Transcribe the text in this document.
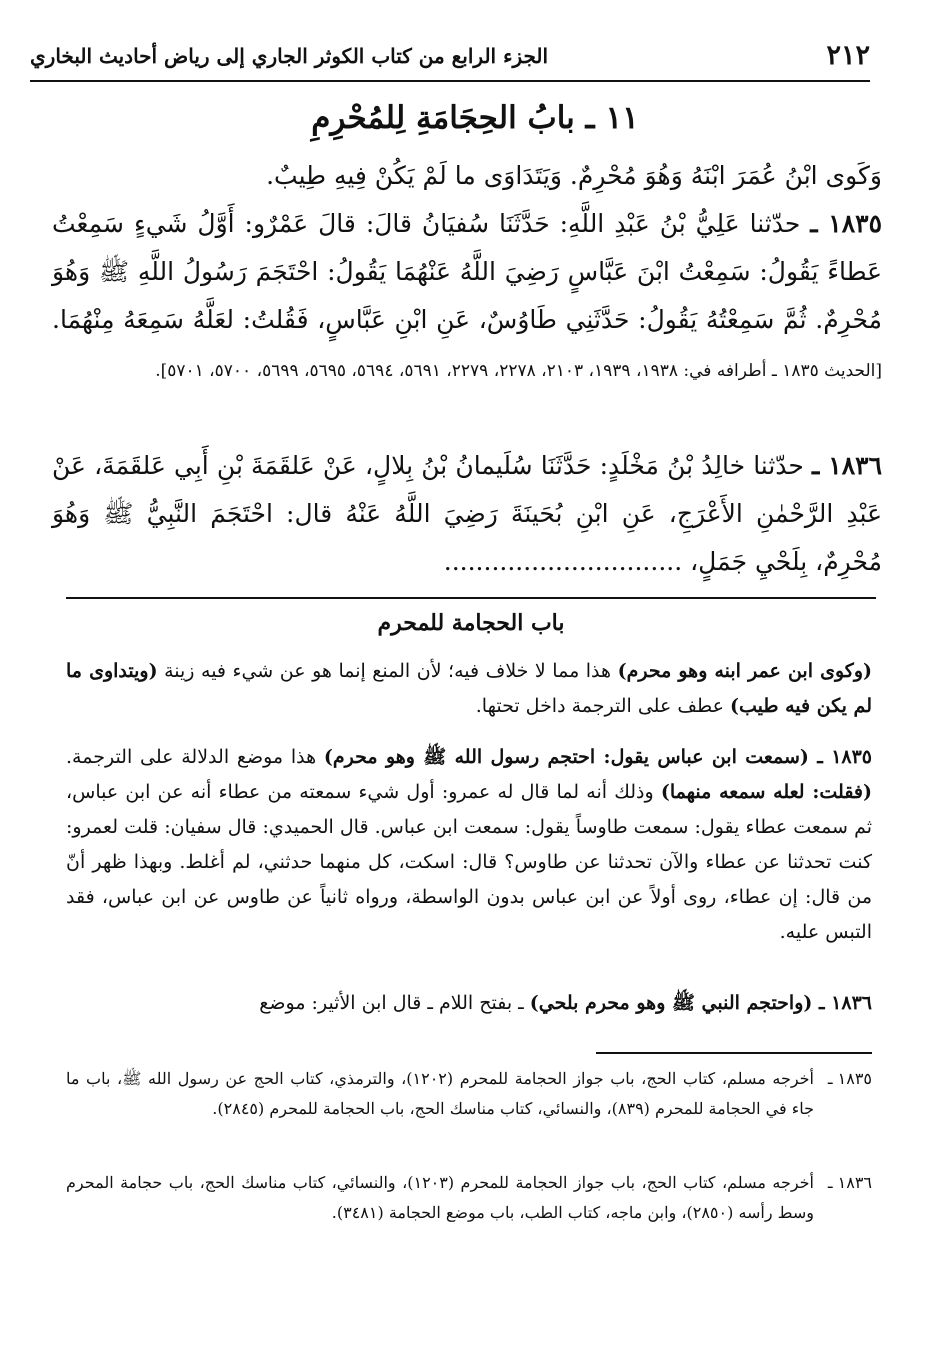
٢١٢
الجزء الرابع من كتاب الكوثر الجاري إلى رياض أحاديث البخاري
١١ ـ بابُ الحِجَامَةِ لِلمُحْرِمِ
وَكَوى ابْنُ عُمَرَ ابْنَهُ وَهُوَ مُحْرِمٌ. وَيَتَدَاوَى ما لَمْ يَكُنْ فِيهِ طِيبٌ.
١٨٣٥ ـ حدّثنا عَلِيُّ بْنُ عَبْدِ اللَّهِ: حَدَّثَنَا سُفيَانُ قالَ: قالَ عَمْرٌو: أَوَّلُ شَيءٍ سَمِعْتُ عَطاءً يَقُولُ: سَمِعْتُ ابْنَ عَبَّاسٍ رَضِيَ اللَّهُ عَنْهُمَا يَقُولُ: احْتَجَمَ رَسُولُ اللَّهِ ﷺ وَهُوَ مُحْرِمٌ. ثُمَّ سَمِعْتُهُ يَقُولُ: حَدَّثَنِي طَاوُسٌ، عَنِ ابْنِ عَبَّاسٍ، فَقُلتُ: لعَلَّهُ سَمِعَهُ مِنْهُمَا. [الحديث ١٨٣٥ ـ أطرافه في: ١٩٣٨، ١٩٣٩، ٢١٠٣، ٢٢٧٨، ٢٢٧٩، ٥٦٩١، ٥٦٩٤، ٥٦٩٥، ٥٦٩٩، ٥٧٠٠، ٥٧٠١].
١٨٣٦ ـ حدّثنا خالِدُ بْنُ مَخْلَدٍ: حَدَّثَنَا سُلَيمانُ بْنُ بِلالٍ، عَنْ عَلقَمَةَ بْنِ أَبِي عَلقَمَةَ، عَنْ عَبْدِ الرَّحْمٰنِ الأَعْرَجِ، عَنِ ابْنِ بُحَينَةَ رَضِيَ اللَّهُ عَنْهُ قال: احْتَجَمَ النَّبِيُّ ﷺ وَهُوَ مُحْرِمٌ، بِلَحْيِ جَمَلٍ، ..............................
باب الحجامة للمحرم
(وكوى ابن عمر ابنه وهو محرم) هذا مما لا خلاف فيه؛ لأن المنع إنما هو عن شيء فيه زينة (ويتداوى ما لم يكن فيه طيب) عطف على الترجمة داخل تحتها.
١٨٣٥ ـ (سمعت ابن عباس يقول: احتجم رسول الله ﷺ وهو محرم) هذا موضع الدلالة على الترجمة. (فقلت: لعله سمعه منهما) وذلك أنه لما قال له عمرو: أول شيء سمعته من عطاء أنه عن ابن عباس، ثم سمعت عطاء يقول: سمعت طاوساً يقول: سمعت ابن عباس. قال الحميدي: قال سفيان: قلت لعمرو: كنت تحدثنا عن عطاء والآن تحدثنا عن طاوس؟ قال: اسكت، كل منهما حدثني، لم أغلط. وبهذا ظهر أنّ من قال: إن عطاء، روى أولاً عن ابن عباس بدون الواسطة، ورواه ثانياً عن طاوس عن ابن عباس، فقد التبس عليه.
١٨٣٦ ـ (واحتجم النبي ﷺ وهو محرم بلحي) ـ بفتح اللام ـ قال ابن الأثير: موضع
١٨٣٥ ـ
أخرجه مسلم، كتاب الحج، باب جواز الحجامة للمحرم (١٢٠٢)، والترمذي، كتاب الحج عن رسول الله ﷺ، باب ما جاء في الحجامة للمحرم (٨٣٩)، والنسائي، كتاب مناسك الحج، باب الحجامة للمحرم (٢٨٤٥).
١٨٣٦ ـ
أخرجه مسلم، كتاب الحج، باب جواز الحجامة للمحرم (١٢٠٣)، والنسائي، كتاب مناسك الحج، باب حجامة المحرم وسط رأسه (٢٨٥٠)، وابن ماجه، كتاب الطب، باب موضع الحجامة (٣٤٨١).
